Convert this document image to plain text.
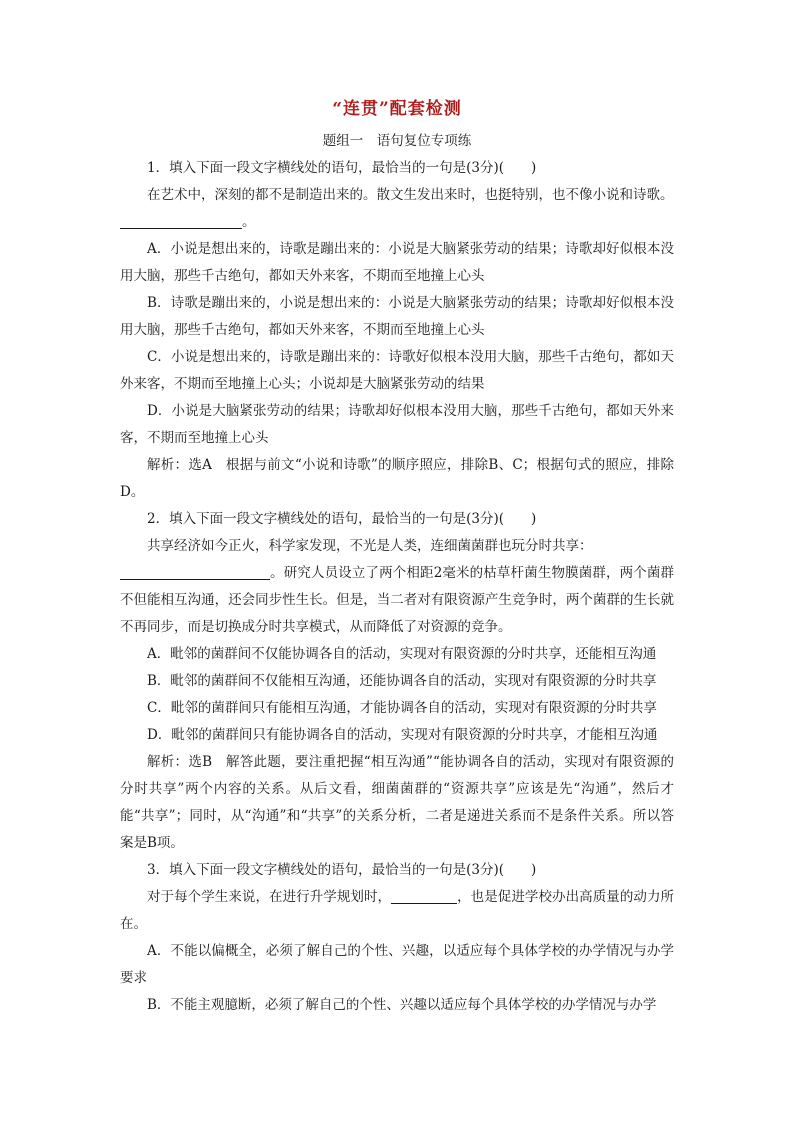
“连贯”配套检测

题组一　语句复位专项练

1．填入下面一段文字横线处的语句，最恰当的一句是(3分)(　　)

在艺术中，深刻的都不是制造出来的。散文生发出来时，也挺特别，也不像小说和诗歌。

。

A．小说是想出来的，诗歌是蹦出来的：小说是大脑紧张劳动的结果；诗歌却好似根本没用大脑，那些千古绝句，都如天外来客，不期而至地撞上心头

B．诗歌是蹦出来的，小说是想出来的：小说是大脑紧张劳动的结果；诗歌却好似根本没用大脑，那些千古绝句，都如天外来客，不期而至地撞上心头

C．小说是想出来的，诗歌是蹦出来的：诗歌好似根本没用大脑，那些千古绝句，都如天外来客，不期而至地撞上心头；小说却是大脑紧张劳动的结果

D．小说是大脑紧张劳动的结果；诗歌却好似根本没用大脑，那些千古绝句，都如天外来客，不期而至地撞上心头

解析：选A　根据与前文“小说和诗歌”的顺序照应，排除B、C；根据句式的照应，排除D。

2．填入下面一段文字横线处的语句，最恰当的一句是(3分)(　　)

共享经济如今正火，科学家发现，不光是人类，连细菌菌群也玩分时共享：

。研究人员设立了两个相距2毫米的枯草杆菌生物膜菌群，两个菌群不但能相互沟通，还会同步性生长。但是，当二者对有限资源产生竞争时，两个菌群的生长就不再同步，而是切换成分时共享模式，从而降低了对资源的竞争。

A．毗邻的菌群间不仅能协调各自的活动，实现对有限资源的分时共享，还能相互沟通

B．毗邻的菌群间不仅能相互沟通，还能协调各自的活动，实现对有限资源的分时共享

C．毗邻的菌群间只有能相互沟通，才能协调各自的活动，实现对有限资源的分时共享

D．毗邻的菌群间只有能协调各自的活动，实现对有限资源的分时共享，才能相互沟通

解析：选B　解答此题，要注重把握“相互沟通”“能协调各自的活动，实现对有限资源的分时共享”两个内容的关系。从后文看，细菌菌群的“资源共享”应该是先“沟通”，然后才能“共享”；同时，从“沟通”和“共享”的关系分析，二者是递进关系而不是条件关系。所以答案是B项。

3．填入下面一段文字横线处的语句，最恰当的一句是(3分)(　　)

对于每个学生来说，在进行升学规划时，	，也是促进学校办出高质量的动力所在。

A．不能以偏概全，必须了解自己的个性、兴趣，以适应每个具体学校的办学情况与办学要求

B．不能主观臆断，必须了解自己的个性、兴趣以适应每个具体学校的办学情况与办学
